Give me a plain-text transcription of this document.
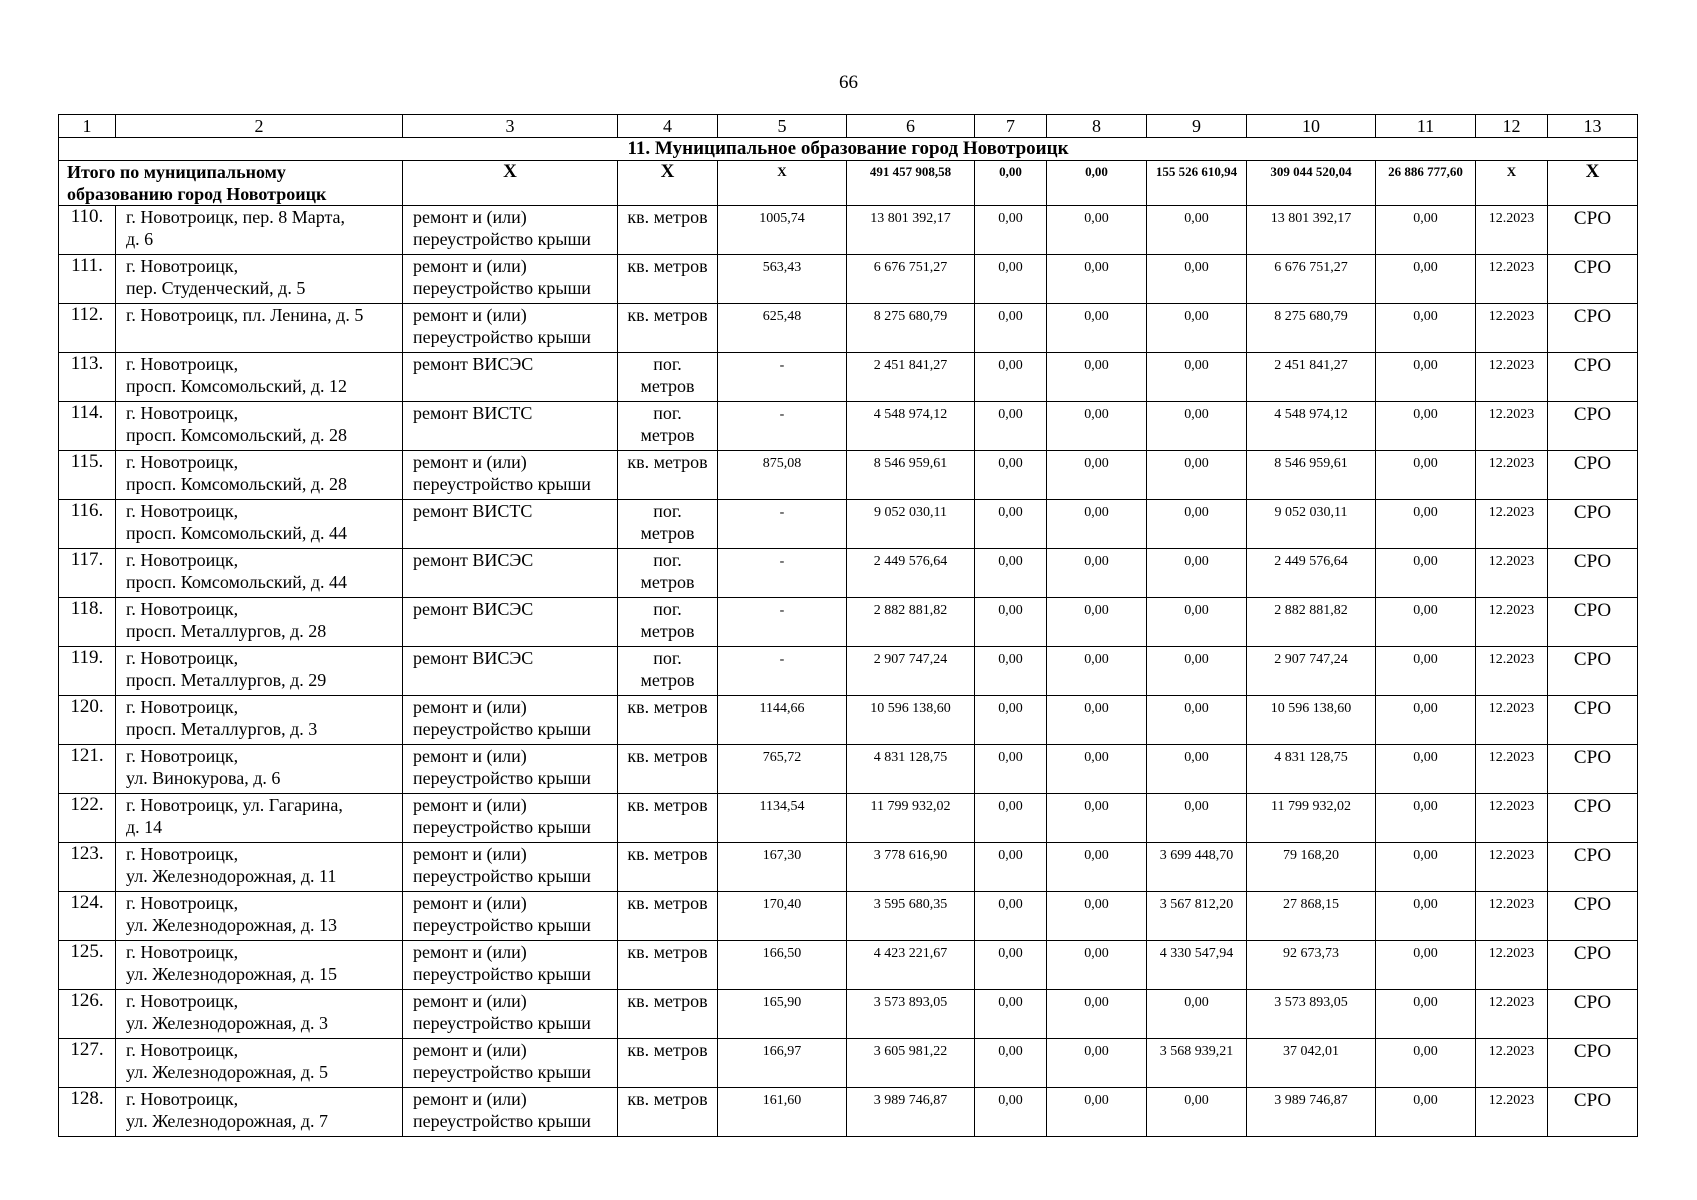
66
1	2	3	4	5	6	7	8	9	10	11	12	13
11. Муниципальное образование город Новотроицк												

Итого по муниципальному
образованию город Новотроицк		Х	Х	Х	491 457 908,58	0,00	0,00	155 526 610,94	309 044 520,04	26 886 777,60	Х	Х
110.	г. Новотроицк, пер. 8 Марта,
д. 6	ремонт и (или)
переустройство крыши	кв. метров	1005,74	13 801 392,17	0,00	0,00	0,00	13 801 392,17	0,00	12.2023	СРО
111.	г. Новотроицк,
пер. Студенческий, д. 5	ремонт и (или)
переустройство крыши	кв. метров	563,43	6 676 751,27	0,00	0,00	0,00	6 676 751,27	0,00	12.2023	СРО
112.	г. Новотроицк, пл. Ленина, д. 5	ремонт и (или)
переустройство крыши	кв. метров	625,48	8 275 680,79	0,00	0,00	0,00	8 275 680,79	0,00	12.2023	СРО
113.	г. Новотроицк,
просп. Комсомольский, д. 12	ремонт ВИСЭС	пог.
метров	-	2 451 841,27	0,00	0,00	0,00	2 451 841,27	0,00	12.2023	СРО
114.	г. Новотроицк,
просп. Комсомольский, д. 28	ремонт ВИСТС	пог.
метров	-	4 548 974,12	0,00	0,00	0,00	4 548 974,12	0,00	12.2023	СРО
115.	г. Новотроицк,
просп. Комсомольский, д. 28	ремонт и (или)
переустройство крыши	кв. метров	875,08	8 546 959,61	0,00	0,00	0,00	8 546 959,61	0,00	12.2023	СРО
116.	г. Новотроицк,
просп. Комсомольский, д. 44	ремонт ВИСТС	пог.
метров	-	9 052 030,11	0,00	0,00	0,00	9 052 030,11	0,00	12.2023	СРО
117.	г. Новотроицк,
просп. Комсомольский, д. 44	ремонт ВИСЭС	пог.
метров	-	2 449 576,64	0,00	0,00	0,00	2 449 576,64	0,00	12.2023	СРО
118.	г. Новотроицк,
просп. Металлургов, д. 28	ремонт ВИСЭС	пог.
метров	-	2 882 881,82	0,00	0,00	0,00	2 882 881,82	0,00	12.2023	СРО
119.	г. Новотроицк,
просп. Металлургов, д. 29	ремонт ВИСЭС	пог.
метров	-	2 907 747,24	0,00	0,00	0,00	2 907 747,24	0,00	12.2023	СРО
120.	г. Новотроицк,
просп. Металлургов, д. 3	ремонт и (или)
переустройство крыши	кв. метров	1144,66	10 596 138,60	0,00	0,00	0,00	10 596 138,60	0,00	12.2023	СРО
121.	г. Новотроицк,
ул. Винокурова, д. 6	ремонт и (или)
переустройство крыши	кв. метров	765,72	4 831 128,75	0,00	0,00	0,00	4 831 128,75	0,00	12.2023	СРО
122.	г. Новотроицк, ул. Гагарина,
д. 14	ремонт и (или)
переустройство крыши	кв. метров	1134,54	11 799 932,02	0,00	0,00	0,00	11 799 932,02	0,00	12.2023	СРО
123.	г. Новотроицк,
ул. Железнодорожная, д. 11	ремонт и (или)
переустройство крыши	кв. метров	167,30	3 778 616,90	0,00	0,00	3 699 448,70	79 168,20	0,00	12.2023	СРО
124.	г. Новотроицк,
ул. Железнодорожная, д. 13	ремонт и (или)
переустройство крыши	кв. метров	170,40	3 595 680,35	0,00	0,00	3 567 812,20	27 868,15	0,00	12.2023	СРО
125.	г. Новотроицк,
ул. Железнодорожная, д. 15	ремонт и (или)
переустройство крыши	кв. метров	166,50	4 423 221,67	0,00	0,00	4 330 547,94	92 673,73	0,00	12.2023	СРО
126.	г. Новотроицк,
ул. Железнодорожная, д. 3	ремонт и (или)
переустройство крыши	кв. метров	165,90	3 573 893,05	0,00	0,00	0,00	3 573 893,05	0,00	12.2023	СРО
127.	г. Новотроицк,
ул. Железнодорожная, д. 5	ремонт и (или)
переустройство крыши	кв. метров	166,97	3 605 981,22	0,00	0,00	3 568 939,21	37 042,01	0,00	12.2023	СРО
128.	г. Новотроицк,
ул. Железнодорожная, д. 7	ремонт и (или)
переустройство крыши	кв. метров	161,60	3 989 746,87	0,00	0,00	0,00	3 989 746,87	0,00	12.2023	СРО
